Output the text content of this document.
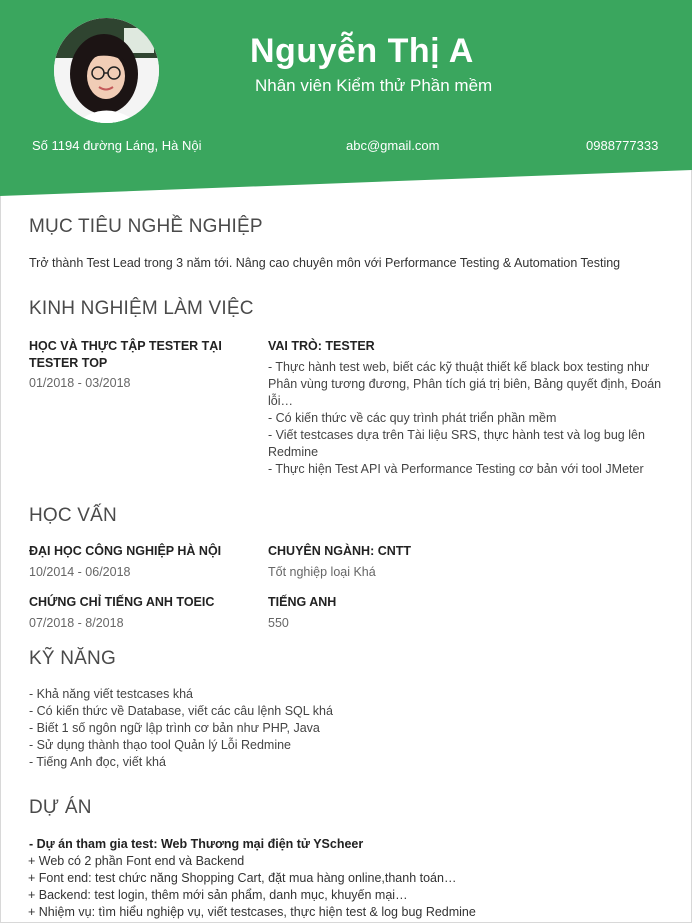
Nguyễn Thị A
Nhân viên Kiểm thử Phần mềm
Số 1194 đường Láng, Hà Nội	abc@gmail.com	0988777333
MỤC TIÊU NGHỀ NGHIỆP
Trở thành Test Lead trong 3 năm tới. Nâng cao chuyên môn với Performance Testing & Automation Testing
KINH NGHIỆM LÀM VIỆC
HỌC VÀ THỰC TẬP TESTER TẠI TESTER TOP
01/2018 - 03/2018
VAI TRÒ: TESTER
- Thực hành test web, biết các kỹ thuật thiết kế black box testing như Phân vùng tương đương, Phân tích giá trị biên, Bảng quyết định, Đoán lỗi…
- Có kiến thức về các quy trình phát triển phần mềm
- Viết testcases dựa trên Tài liệu SRS, thực hành test và log bug lên Redmine
- Thực hiện Test API và Performance Testing cơ bản với tool JMeter
HỌC VẤN
ĐẠI HỌC CÔNG NGHIỆP HÀ NỘI
10/2014 - 06/2018
CHUYÊN NGÀNH: CNTT
Tốt nghiệp loại Khá
CHỨNG CHỈ TIẾNG ANH TOEIC
07/2018 - 8/2018
TIẾNG ANH
550
KỸ NĂNG
- Khả năng viết testcases khá
- Có kiến thức về Database, viết các câu lệnh SQL khá
- Biết 1 số ngôn ngữ lập trình cơ bản như PHP, Java
- Sử dụng thành thạo tool Quản lý Lỗi Redmine
- Tiếng Anh đọc, viết khá
DỰ ÁN
- Dự án tham gia test: Web Thương mại điện tử YScheer
+ Web có 2 phần Font end và Backend
+ Font end: test chức năng Shopping Cart, đặt mua hàng online,thanh toán…
+ Backend: test login, thêm mới sản phẩm, danh mục, khuyến mại…
+ Nhiệm vụ: tìm hiểu nghiệp vụ, viết testcases, thực hiện test & log bug Redmine
